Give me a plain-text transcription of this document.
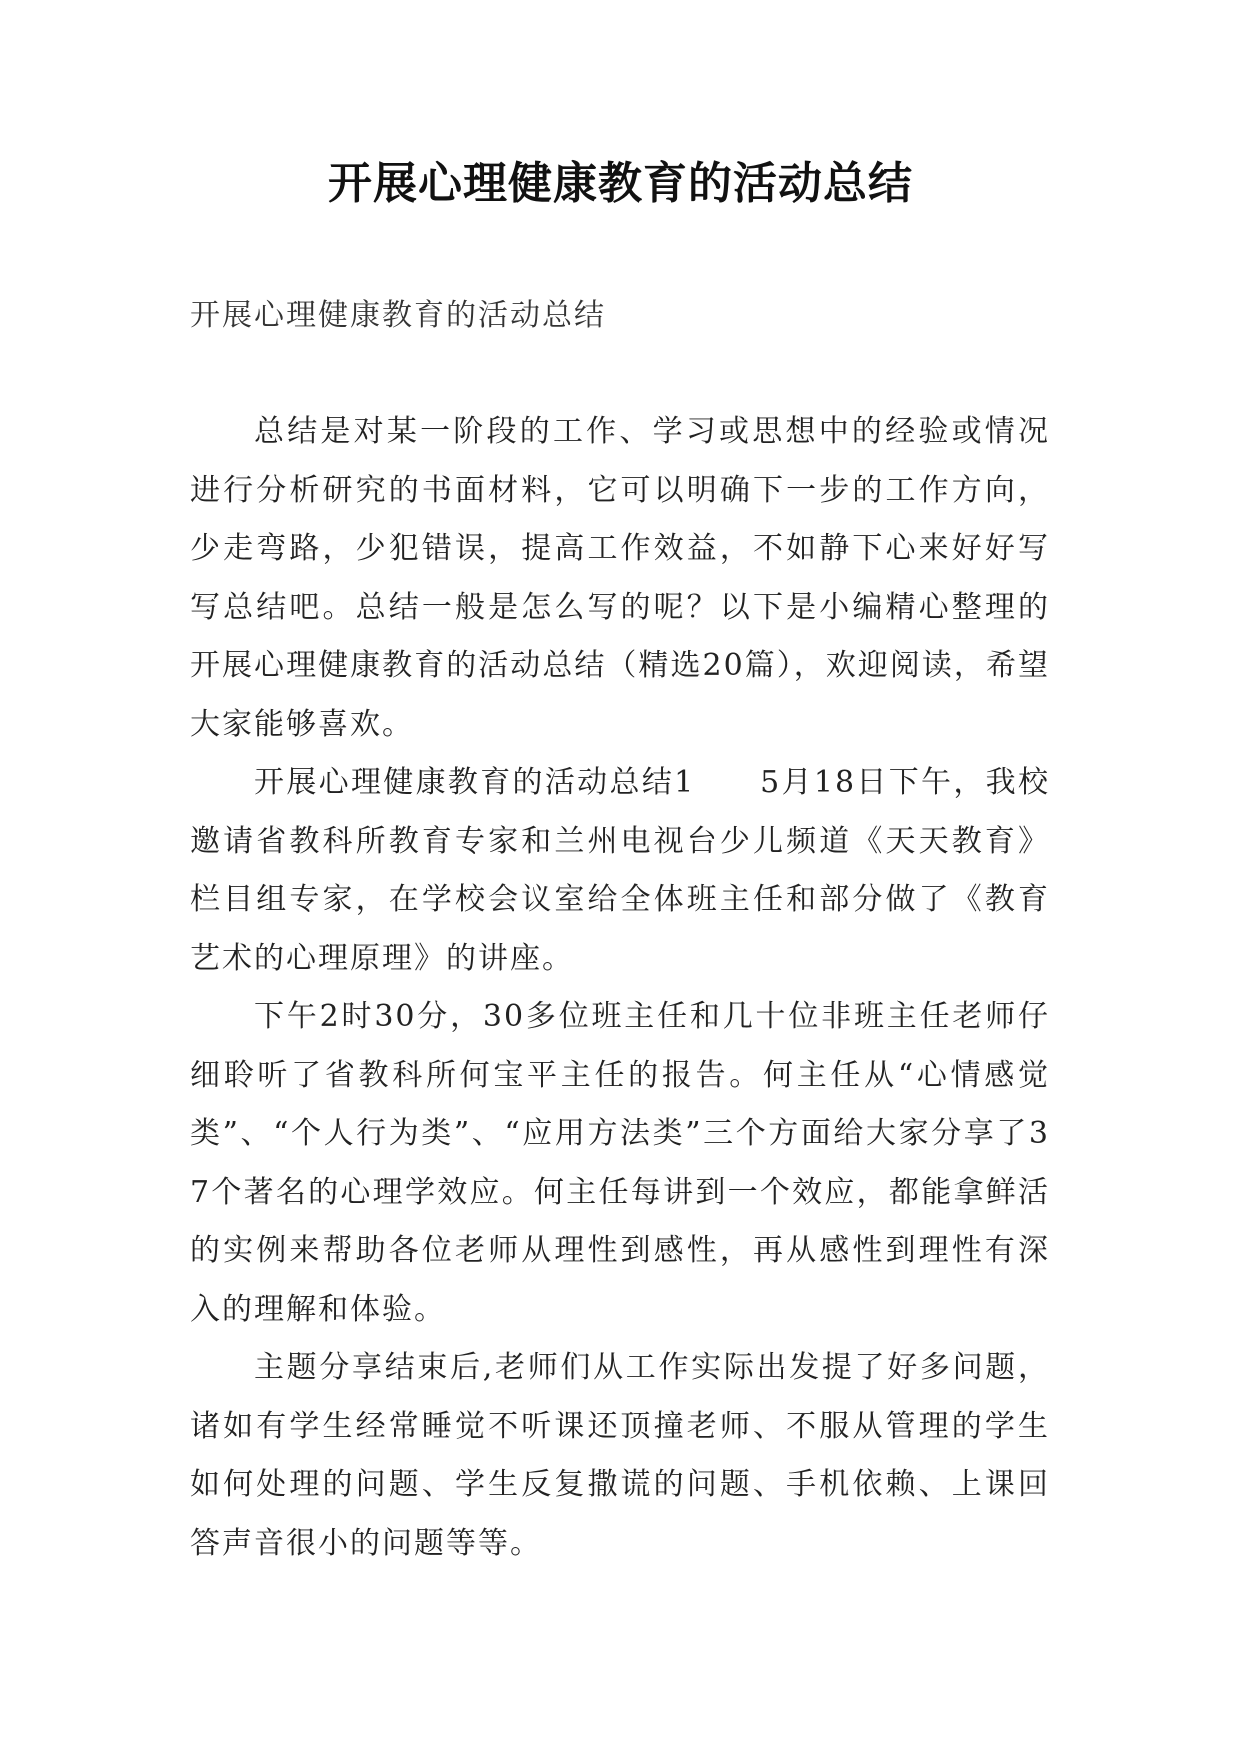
开展心理健康教育的活动总结
开展心理健康教育的活动总结

总结是对某一阶段的工作、学习或思想中的经验或情况进行分析研究的书面材料，它可以明确下一步的工作方向，少走弯路，少犯错误，提高工作效益，不如静下心来好好写写总结吧。总结一般是怎么写的呢？以下是小编精心整理的开展心理健康教育的活动总结（精选20篇），欢迎阅读，希望大家能够喜欢。

开展心理健康教育的活动总结1　　5月18日下午，我校邀请省教科所教育专家和兰州电视台少儿频道《天天教育》栏目组专家，在学校会议室给全体班主任和部分做了《教育艺术的心理原理》的讲座。

下午2时30分，30多位班主任和几十位非班主任老师仔细聆听了省教科所何宝平主任的报告。何主任从“心情感觉类”、“个人行为类”、“应用方法类”三个方面给大家分享了37个著名的心理学效应。何主任每讲到一个效应，都能拿鲜活的实例来帮助各位老师从理性到感性，再从感性到理性有深入的理解和体验。

主题分享结束后,老师们从工作实际出发提了好多问题，诸如有学生经常睡觉不听课还顶撞老师、不服从管理的学生如何处理的问题、学生反复撒谎的问题、手机依赖、上课回答声音很小的问题等等。
